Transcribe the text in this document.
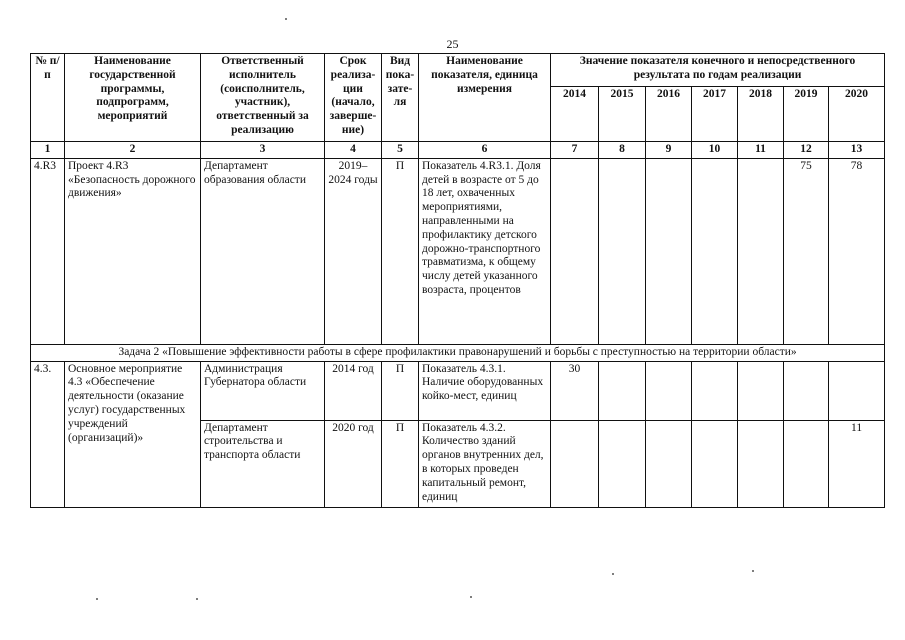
25
№ п/п	Наименование государственной программы, подпрограмм, мероприятий	Ответственный исполнитель (соисполнитель, участник), ответственный за реализацию	Срок реализа- ции (начало, заверше- ние)	Вид пока- зате- ля	Наименование показателя, единица измерения	Значение показателя конечного и непосредственного результата по годам реализации						
						2014	2015	2016	2017	2018	2019	2020
1	2	3	4	5	6	7	8	9	10	11	12	13
4.R3	Проект 4.R3 «Безопасность дорожного движения»	Департамент образования области	2019– 2024 годы	П	Показатель 4.R3.1. Доля детей в возрасте от 5 до 18 лет, охваченных мероприятиями, направленными на профилактику детского дорожно-транспортного травматизма, к общему числу детей указанного возраста, процентов						75	78
Задача 2 «Повышение эффективности работы в сфере профилактики правонарушений и борьбы с преступностью на территории области»												
4.3.	Основное мероприятие 4.3 «Обеспечение деятельности (оказание услуг) государственных учреждений (организаций)»	Администрация Губернатора области	2014 год	П	Показатель 4.3.1. Наличие оборудованных койко-мест, единиц	30						
		Департамент строительства и транспорта области	2020 год	П	Показатель 4.3.2. Количество зданий органов внутренних дел, в которых проведен капитальный ремонт, единиц							11
